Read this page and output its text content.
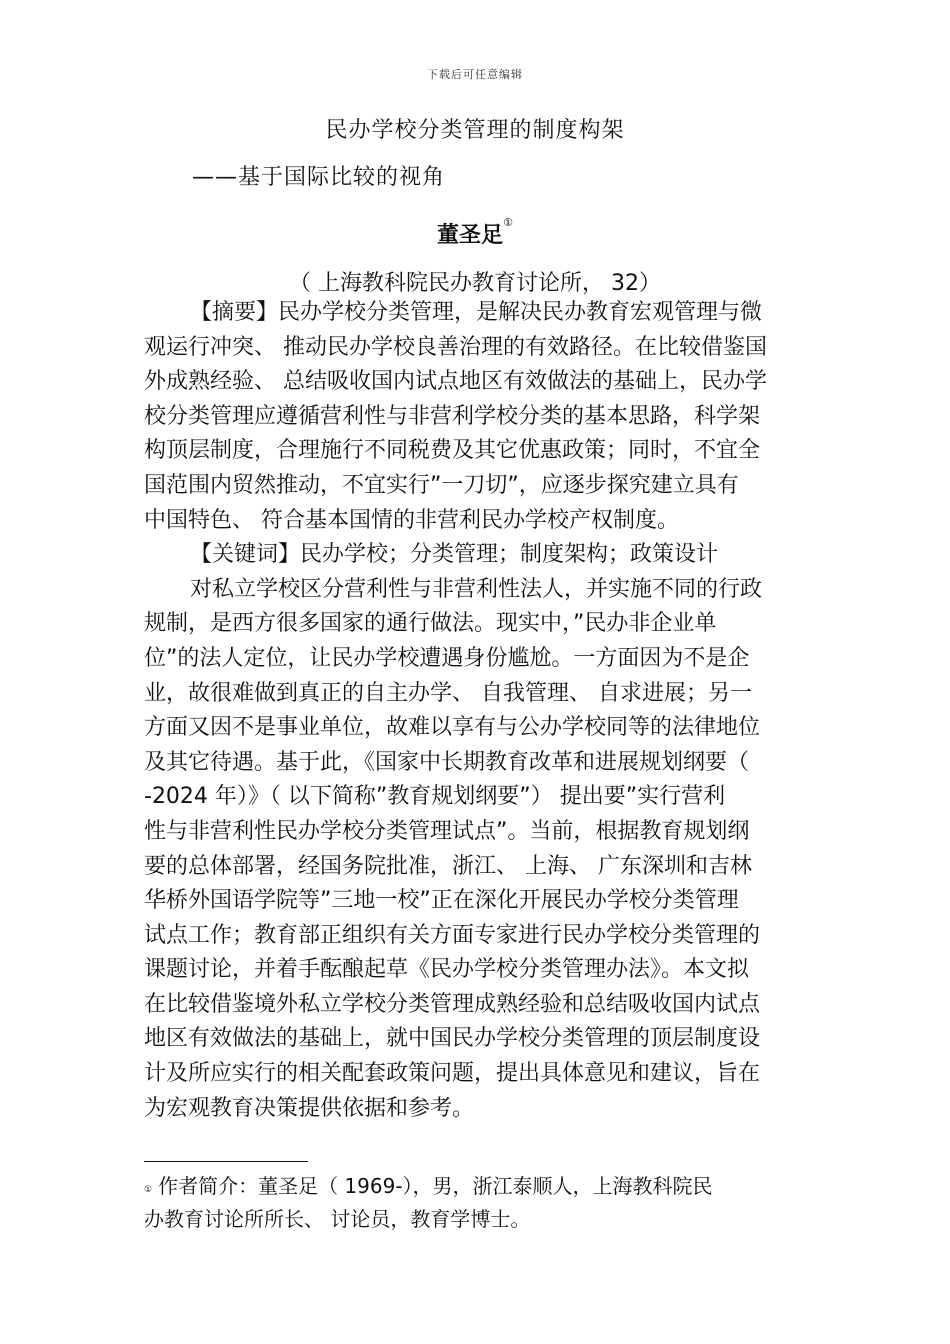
下载后可任意编辑
民办学校分类管理的制度构架
——基于国际比较的视角
董圣足①
（ 上海教科院民办教育讨论所， 32）
【摘要】民办学校分类管理，是解决民办教育宏观管理与微
观运行冲突、 推动民办学校良善治理的有效路径。在比较借鉴国
外成熟经验、 总结吸收国内试点地区有效做法的基础上，民办学
校分类管理应遵循营利性与非营利学校分类的基本思路，科学架
构顶层制度，合理施行不同税费及其它优惠政策；同时，不宜全
国范围内贸然推动，不宜实行”一刀切”，应逐步探究建立具有
中国特色、 符合基本国情的非营利民办学校产权制度。
【关键词】民办学校；分类管理；制度架构；政策设计
对私立学校区分营利性与非营利性法人，并实施不同的行政
规制，是西方很多国家的通行做法。现实中，”民办非企业单
位”的法人定位，让民办学校遭遇身份尴尬。一方面因为不是企
业，故很难做到真正的自主办学、 自我管理、 自求进展；另一
方面又因不是事业单位，故难以享有与公办学校同等的法律地位
及其它待遇。基于此，《国家中长期教育改革和进展规划纲要（
-2024 年）》（ 以下简称”教育规划纲要”） 提出要”实行营利
性与非营利性民办学校分类管理试点”。当前，根据教育规划纲
要的总体部署，经国务院批准，浙江、 上海、 广东深圳和吉林
华桥外国语学院等”三地一校”正在深化开展民办学校分类管理
试点工作；教育部正组织有关方面专家进行民办学校分类管理的
课题讨论，并着手酝酿起草《民办学校分类管理办法》。本文拟
在比较借鉴境外私立学校分类管理成熟经验和总结吸收国内试点
地区有效做法的基础上，就中国民办学校分类管理的顶层制度设
计及所应实行的相关配套政策问题，提出具体意见和建议，旨在
为宏观教育决策提供依据和参考。
① 作者简介：董圣足（ 1969-），男，浙江泰顺人，上海教科院民
办教育讨论所所长、 讨论员，教育学博士。
